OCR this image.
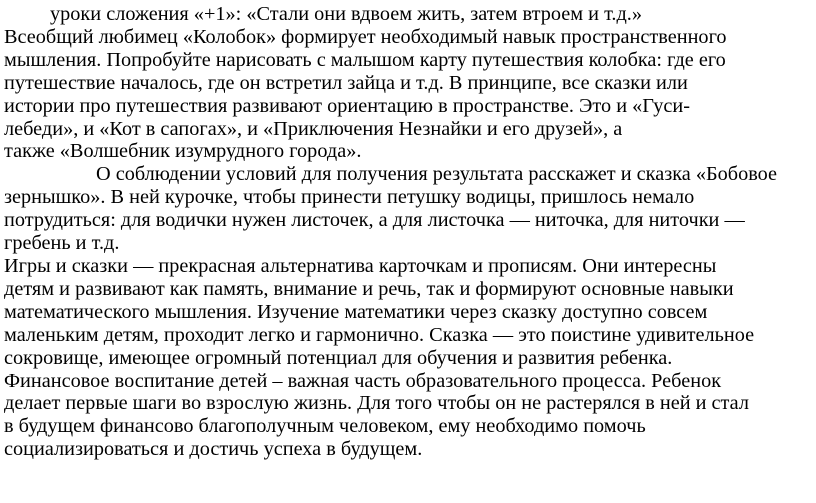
уроки сложения «+1»: «Стали они вдвоем жить, затем втроем и т.д.»
Всеобщий любимец «Колобок» формирует необходимый навык пространственного
мышления. Попробуйте нарисовать с малышом карту путешествия колобка: где его
путешествие началось, где он встретил зайца и т.д. В принципе, все сказки или
истории про путешествия развивают ориентацию в пространстве. Это и «Гуси-
лебеди», и «Кот в сапогах», и «Приключения Незнайки и его друзей», а
также «Волшебник изумрудного города».
О соблюдении условий для получения результата расскажет и сказка «Бобовое
зернышко». В ней курочке, чтобы принести петушку водицы, пришлось немало
потрудиться: для водички нужен листочек, а для листочка — ниточка, для ниточки —
гребень и т.д.
Игры и сказки — прекрасная альтернатива карточкам и прописям. Они интересны
детям и развивают как память, внимание и речь, так и формируют основные навыки
математического мышления. Изучение математики через сказку доступно совсем
маленьким детям, проходит легко и гармонично. Сказка — это поистине удивительное
сокровище, имеющее огромный потенциал для обучения и развития ребенка.
Финансовое воспитание детей – важная часть образовательного процесса. Ребенок
делает первые шаги во взрослую жизнь. Для того чтобы он не растерялся в ней и стал
в будущем финансово благополучным человеком, ему необходимо помочь
социализироваться и достичь успеха в будущем.
